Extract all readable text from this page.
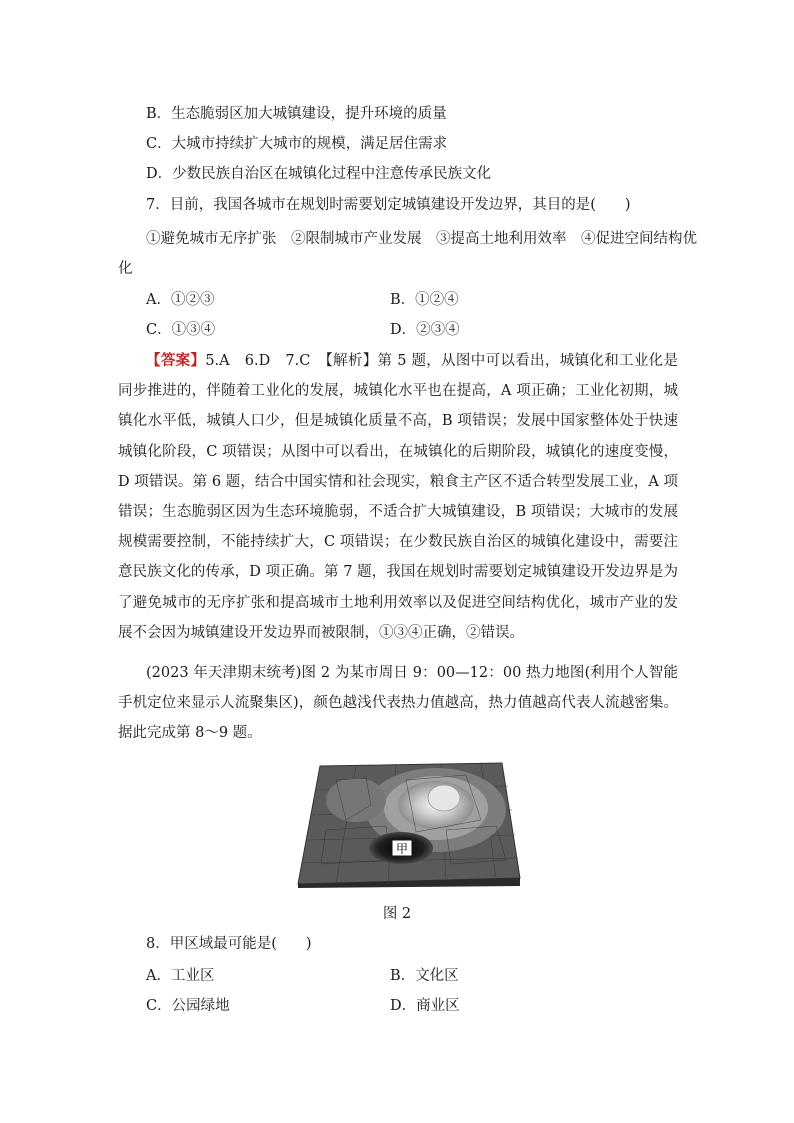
B．生态脆弱区加大城镇建设，提升环境的质量
C．大城市持续扩大城市的规模，满足居住需求
D．少数民族自治区在城镇化过程中注意传承民族文化
7．目前，我国各城市在规划时需要划定城镇建设开发边界，其目的是(　　)
①避免城市无序扩张　②限制城市产业发展　③提高土地利用效率　④促进空间结构优
化
A．①②③	B．①②④
C．①③④	D．②③④
【答案】5.A　6.D　7.C　【解析】第 5 题，从图中可以看出，城镇化和工业化是同步推进的，伴随着工业化的发展，城镇化水平也在提高，A 项正确；工业化初期，城镇化水平低，城镇人口少，但是城镇化质量不高，B 项错误；发展中国家整体处于快速城镇化阶段，C 项错误；从图中可以看出，在城镇化的后期阶段，城镇化的速度变慢，D 项错误。第 6 题，结合中国实情和社会现实，粮食主产区不适合转型发展工业，A 项错误；生态脆弱区因为生态环境脆弱，不适合扩大城镇建设，B 项错误；大城市的发展规模需要控制，不能持续扩大，C 项错误；在少数民族自治区的城镇化建设中，需要注意民族文化的传承，D 项正确。第 7 题，我国在规划时需要划定城镇建设开发边界是为了避免城市的无序扩张和提高城市土地利用效率以及促进空间结构优化，城市产业的发展不会因为城镇建设开发边界而被限制，①③④正确，②错误。
(2023 年天津期末统考)图 2 为某市周日 9：00—12：00 热力地图(利用个人智能手机定位来显示人流聚集区)，颜色越浅代表热力值越高，热力值越高代表人流越密集。据此完成第 8～9 题。
甲
图 2
8．甲区域最可能是(　　)
A．工业区	B．文化区
C．公园绿地	D．商业区
